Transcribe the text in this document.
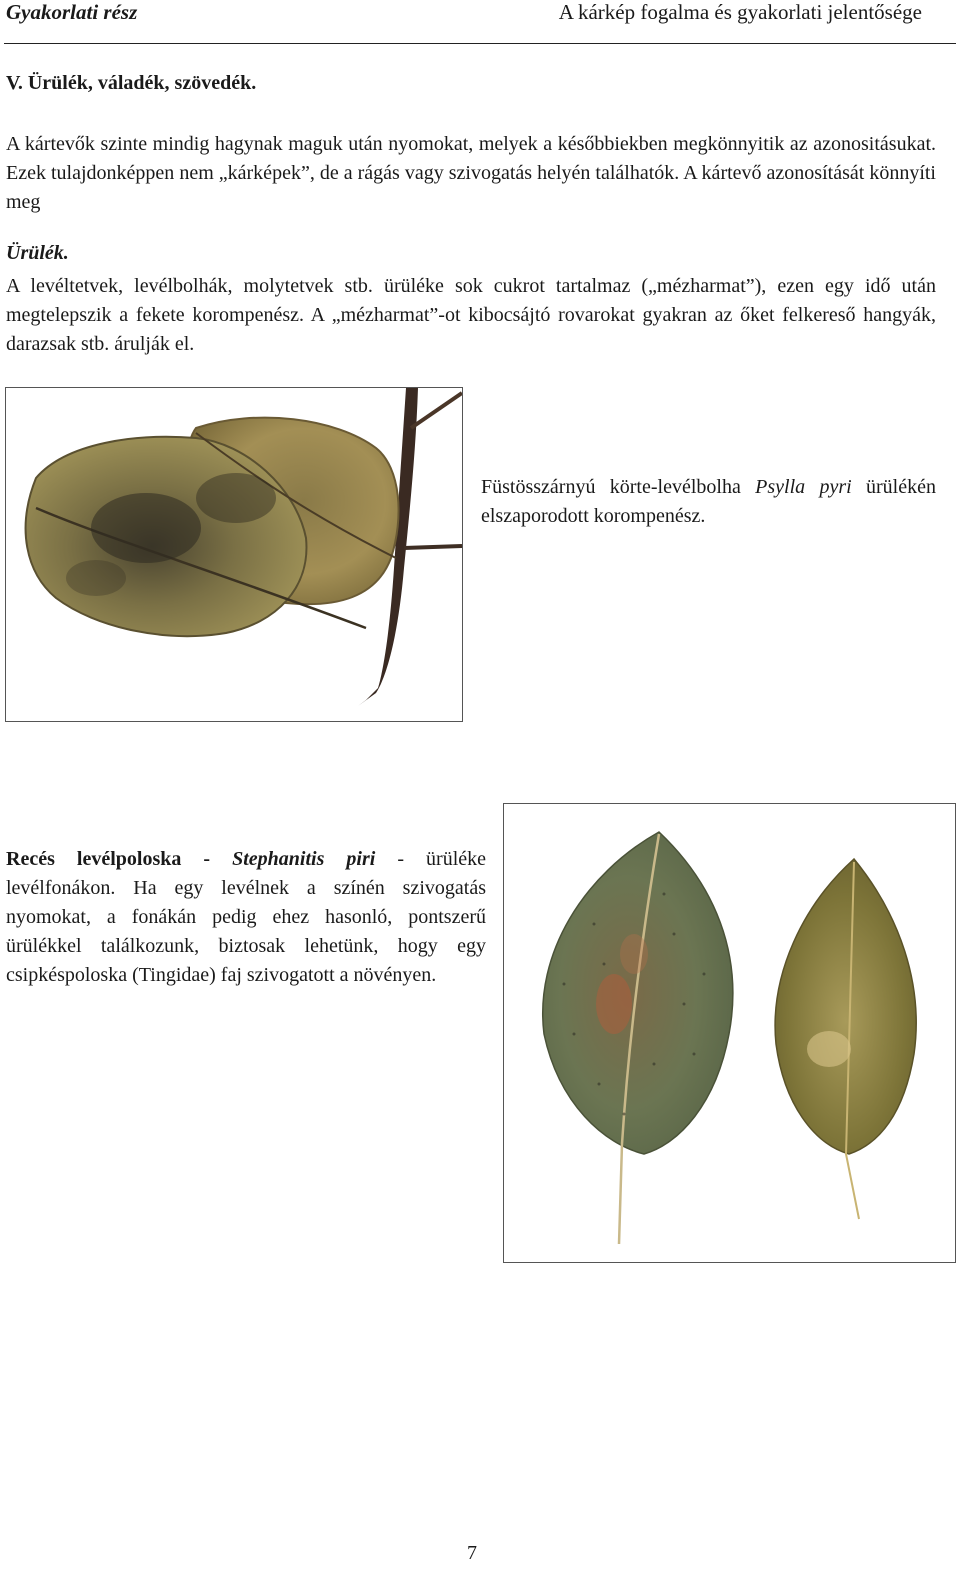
Gyakorlati rész	A kárkép fogalma és gyakorlati jelentősége
V. Ürülék, váladék, szövedék.
A kártevők szinte mindig hagynak maguk után nyomokat, melyek a későbbiekben megkönnyitik az azonositásukat. Ezek tulajdonképpen nem „kárképek”, de a rágás vagy szivogatás helyén találhatók. A kártevő azonosítását könnyíti meg
Ürülék.
A levéltetvek, levélbolhák, molytetvek stb. ürüléke sok cukrot tartalmaz („mézharmat”), ezen egy idő után megtelepszik a fekete korompenész. A „mézharmat”-ot kibocsájtó rovarokat gyakran az őket felkereső hangyák, darazsak stb. árulják el.
Füstösszárnyú körte-levélbolha Psylla pyri ürülékén elszaporodott korompenész.
Recés levélpoloska - Stephanitis piri - ürüléke levélfonákon. Ha egy levélnek a színén szivogatás nyomokat, a fonákán pedig ehez hasonló, pontszerű ürülékkel találkozunk, biztosak lehetünk, hogy egy csipkéspoloska (Tingidae) faj szivogatott a növényen.
7
